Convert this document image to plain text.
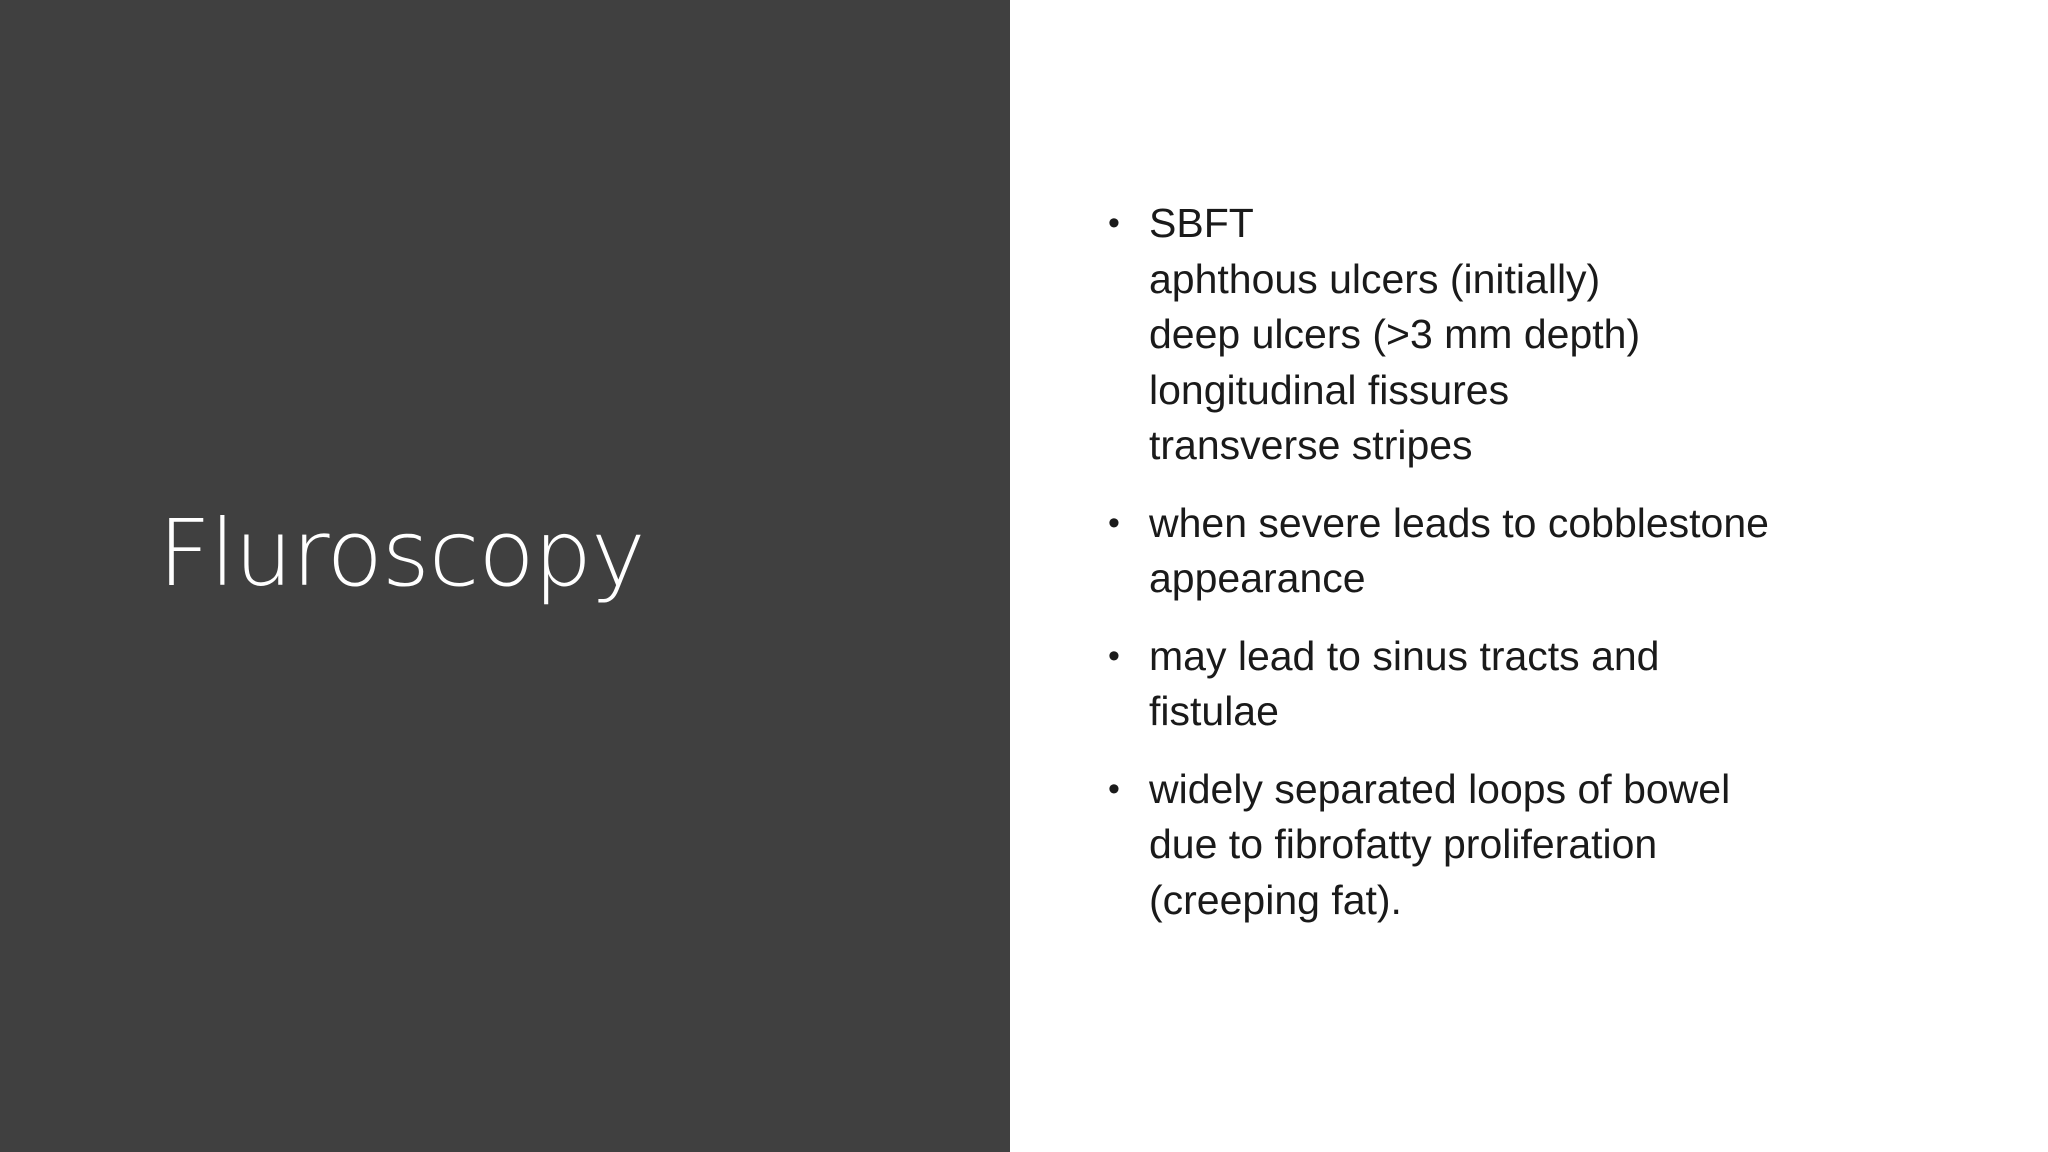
Fluroscopy
• SBFT
aphthous ulcers (initially)
deep ulcers (>3 mm depth)
longitudinal fissures
transverse stripes
• when severe leads to cobblestone
appearance
• may lead to sinus tracts and
fistulae
• widely separated loops of bowel
due to fibrofatty proliferation
(creeping fat).
